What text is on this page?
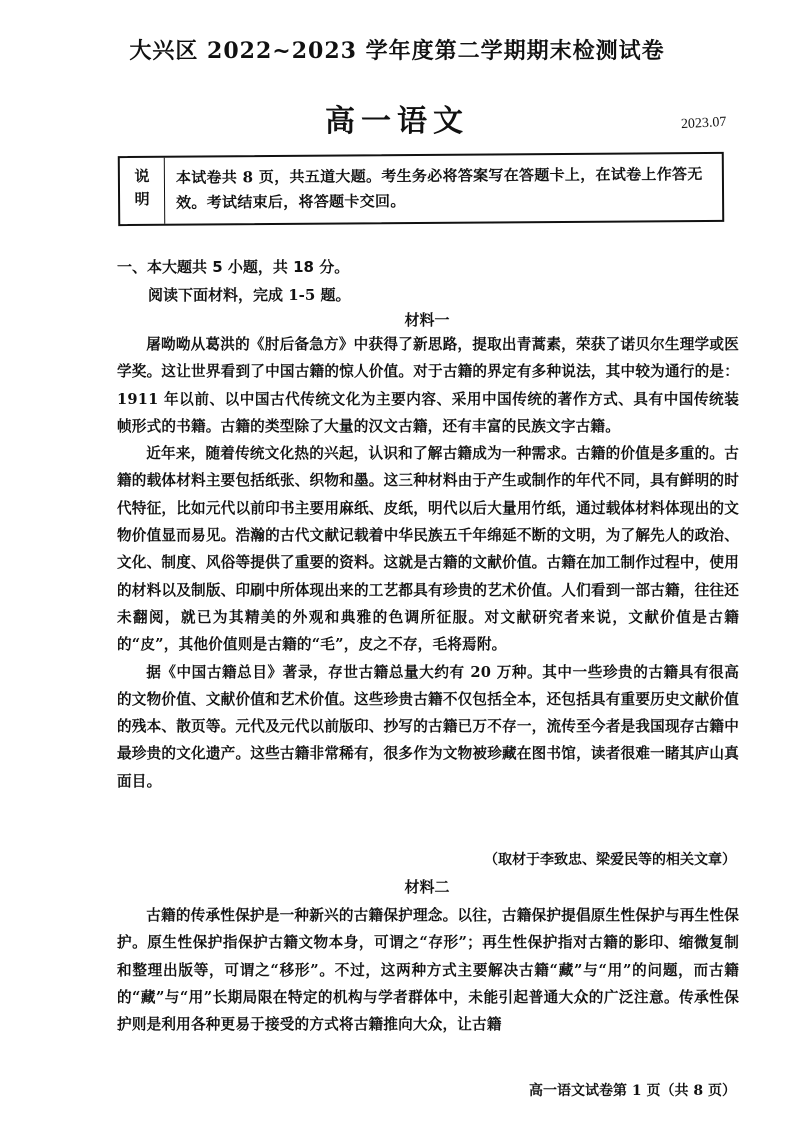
大兴区 2022~2023 学年度第二学期期末检测试卷
高一语文	2023.07
说明	本试卷共 8 页，共五道大题。考生务必将答案写在答题卡上，在试卷上作答无效。考试结束后，将答题卡交回。
一、本大题共 5 小题，共 18 分。
阅读下面材料，完成 1-5 题。
材料一

屠呦呦从葛洪的《肘后备急方》中获得了新思路，提取出青蒿素，荣获了诺贝尔生理学或医学奖。这让世界看到了中国古籍的惊人价值。对于古籍的界定有多种说法，其中较为通行的是：1911 年以前、以中国古代传统文化为主要内容、采用中国传统的著作方式、具有中国传统装帧形式的书籍。古籍的类型除了大量的汉文古籍，还有丰富的民族文字古籍。

近年来，随着传统文化热的兴起，认识和了解古籍成为一种需求。古籍的价值是多重的。古籍的载体材料主要包括纸张、织物和墨。这三种材料由于产生或制作的年代不同，具有鲜明的时代特征，比如元代以前印书主要用麻纸、皮纸，明代以后大量用竹纸，通过载体材料体现出的文物价值显而易见。浩瀚的古代文献记载着中华民族五千年绵延不断的文明，为了解先人的政治、文化、制度、风俗等提供了重要的资料。这就是古籍的文献价值。古籍在加工制作过程中，使用的材料以及制版、印刷中所体现出来的工艺都具有珍贵的艺术价值。人们看到一部古籍，往往还未翻阅，就已为其精美的外观和典雅的色调所征服。对文献研究者来说，文献价值是古籍的“皮”，其他价值则是古籍的“毛”，皮之不存，毛将焉附。

据《中国古籍总目》著录，存世古籍总量大约有 20 万种。其中一些珍贵的古籍具有很高的文物价值、文献价值和艺术价值。这些珍贵古籍不仅包括全本，还包括具有重要历史文献价值的残本、散页等。元代及元代以前版印、抄写的古籍已万不存一，流传至今者是我国现存古籍中最珍贵的文化遗产。这些古籍非常稀有，很多作为文物被珍藏在图书馆，读者很难一睹其庐山真面目。

（取材于李致忠、梁爱民等的相关文章）
材料二

古籍的传承性保护是一种新兴的古籍保护理念。以往，古籍保护提倡原生性保护与再生性保护。原生性保护指保护古籍文物本身，可谓之“存形”；再生性保护指对古籍的影印、缩微复制和整理出版等，可谓之“移形”。不过，这两种方式主要解决古籍“藏”与“用”的问题，而古籍的“藏”与“用”长期局限在特定的机构与学者群体中，未能引起普通大众的广泛注意。传承性保护则是利用各种更易于接受的方式将古籍推向大众，让古籍

高一语文试卷第 1 页（共 8 页）
